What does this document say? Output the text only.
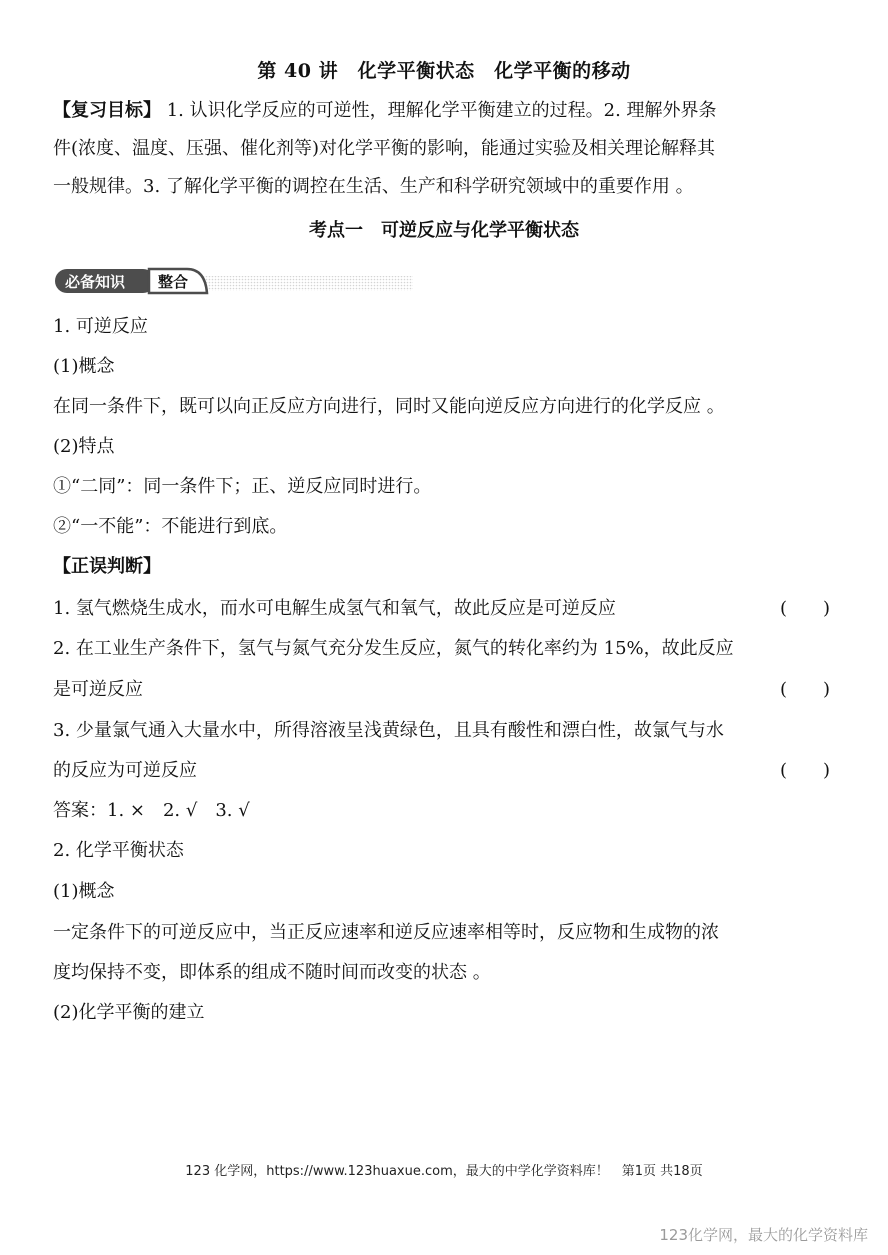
第 40 讲　化学平衡状态　化学平衡的移动
【复习目标】 1. 认识化学反应的可逆性，理解化学平衡建立的过程。2. 理解外界条
件(浓度、温度、压强、催化剂等)对化学平衡的影响，能通过实验及相关理论解释其
一般规律。3. 了解化学平衡的调控在生活、生产和科学研究领域中的重要作用 。
考点一　可逆反应与化学平衡状态
必备知识 整合
1. 可逆反应
(1)概念
在同一条件下，既可以向正反应方向进行，同时又能向逆反应方向进行的化学反应 。
(2)特点
①“二同”：同一条件下；正、逆反应同时进行。
②“一不能”：不能进行到底。
【正误判断】
1. 氢气燃烧生成水，而水可电解生成氢气和氧气，故此反应是可逆反应	(　　)
2. 在工业生产条件下，氢气与氮气充分发生反应，氮气的转化率约为 15%，故此反应
是可逆反应	(　　)
3. 少量氯气通入大量水中，所得溶液呈浅黄绿色，且具有酸性和漂白性，故氯气与水
的反应为可逆反应	(　　)
答案：1. ×　2. √　3. √
2. 化学平衡状态
(1)概念
一定条件下的可逆反应中，当正反应速率和逆反应速率相等时，反应物和生成物的浓
度均保持不变，即体系的组成不随时间而改变的状态 。
(2)化学平衡的建立
123 化学网，https://www.123huaxue.com，最大的中学化学资料库！　第1页 共18页
123化学网，最大的化学资料库
